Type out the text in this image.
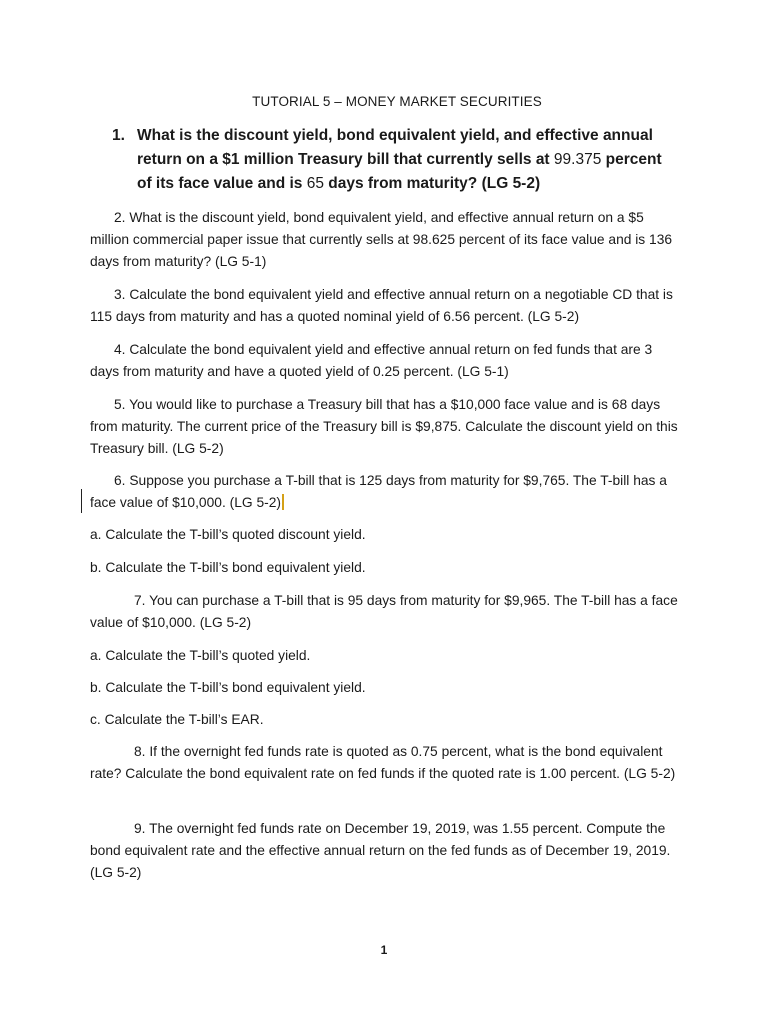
TUTORIAL 5 – MONEY MARKET SECURITIES
1. What is the discount yield, bond equivalent yield, and effective annual return on a $1 million Treasury bill that currently sells at 99.375 percent of its face value and is 65 days from maturity? (LG 5-2)
2. What is the discount yield, bond equivalent yield, and effective annual return on a $5 million commercial paper issue that currently sells at 98.625 percent of its face value and is 136 days from maturity? (LG 5-1)
3. Calculate the bond equivalent yield and effective annual return on a negotiable CD that is 115 days from maturity and has a quoted nominal yield of 6.56 percent. (LG 5-2)
4. Calculate the bond equivalent yield and effective annual return on fed funds that are 3 days from maturity and have a quoted yield of 0.25 percent. (LG 5-1)
5. You would like to purchase a Treasury bill that has a $10,000 face value and is 68 days from maturity. The current price of the Treasury bill is $9,875. Calculate the discount yield on this Treasury bill. (LG 5-2)
6. Suppose you purchase a T-bill that is 125 days from maturity for $9,765. The T-bill has a face value of $10,000. (LG 5-2)
a. Calculate the T-bill’s quoted discount yield.
b. Calculate the T-bill’s bond equivalent yield.
7. You can purchase a T-bill that is 95 days from maturity for $9,965. The T-bill has a face value of $10,000. (LG 5-2)
a. Calculate the T-bill’s quoted yield.
b. Calculate the T-bill’s bond equivalent yield.
c. Calculate the T-bill’s EAR.
8. If the overnight fed funds rate is quoted as 0.75 percent, what is the bond equivalent rate? Calculate the bond equivalent rate on fed funds if the quoted rate is 1.00 percent. (LG 5-2)
9. The overnight fed funds rate on December 19, 2019, was 1.55 percent. Compute the bond equivalent rate and the effective annual return on the fed funds as of December 19, 2019. (LG 5-2)
1
